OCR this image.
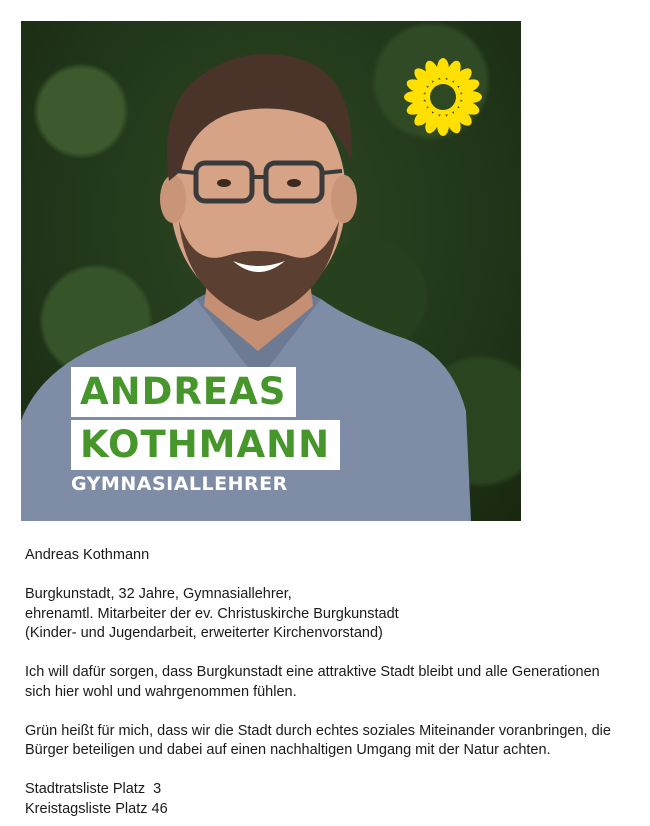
ANDREAS
KOTHMANN
GYMNASIALLEHRER

Andreas Kothmann

Burgkunstadt, 32 Jahre, Gymnasiallehrer,
ehrenamtl. Mitarbeiter der ev. Christuskirche Burgkunstadt
(Kinder- und Jugendarbeit, erweiterter Kirchenvorstand)

Ich will dafür sorgen, dass Burgkunstadt eine attraktive Stadt bleibt und alle Generationen sich hier wohl und wahrgenommen fühlen.

Grün heißt für mich, dass wir die Stadt durch echtes soziales Miteinander voranbringen, die Bürger beteiligen und dabei auf einen nachhaltigen Umgang mit der Natur achten.

Stadtratsliste Platz  3

Kreistagsliste Platz 46
